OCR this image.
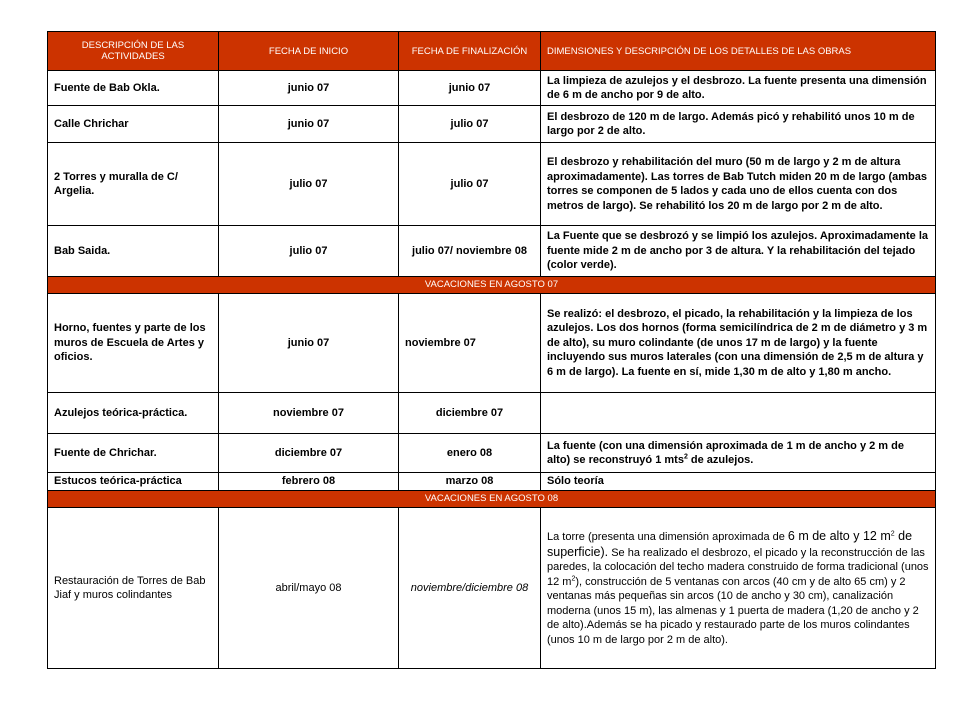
DESCRIPCIÓN DE LAS ACTIVIDADES	FECHA DE INICIO	FECHA DE FINALIZACIÓN	DIMENSIONES Y DESCRIPCIÓN DE LOS DETALLES DE LAS OBRAS
Fuente de Bab Okla.	junio 07	junio 07	La limpieza de azulejos y el desbrozo. La fuente presenta una dimensión de 6 m de ancho por 9 de alto.
Calle Chrichar	junio 07	julio 07	El desbrozo de 120 m de largo. Además picó y rehabilitó unos 10 m de largo por 2 de alto.
2 Torres y muralla de C/ Argelia.	julio 07	julio 07	El desbrozo y rehabilitación del muro (50 m de largo y 2 m de altura aproximadamente). Las torres de Bab Tutch miden 20 m de largo (ambas torres se componen de 5 lados y cada uno de ellos cuenta con dos metros de largo). Se rehabilitó los 20 m de largo por 2 m de alto.
Bab Saida.	julio 07	julio 07/ noviembre 08	La Fuente que se desbrozó y se limpió los azulejos. Aproximadamente la fuente mide 2 m de ancho por 3 de altura. Y la rehabilitación del tejado (color verde).
VACACIONES EN AGOSTO 07			
Horno, fuentes y parte de los muros de Escuela de Artes y oficios.	junio 07	noviembre 07	Se realizó: el desbrozo, el picado, la rehabilitación y la limpieza de los azulejos. Los dos hornos (forma semicilíndrica de 2 m de diámetro y 3 m de alto), su muro colindante (de unos 17 m de largo) y la fuente incluyendo sus muros laterales (con una dimensión de 2,5 m de altura y 6 m de largo). La fuente en sí, mide 1,30 m de alto y 1,80 m ancho.
Azulejos teórica-práctica.	noviembre 07	diciembre 07	
Fuente de Chrichar.	diciembre 07	enero 08	La fuente (con una dimensión aproximada de 1 m de ancho y 2 m de alto) se reconstruyó 1 mts$^2$ de azulejos.
Estucos teórica-práctica	febrero 08	marzo 08	Sólo teoría
VACACIONES EN AGOSTO 08			
Restauración de Torres de Bab Jiaf y muros colindantes	abril/mayo 08	noviembre/diciembre 08	La torre (presenta una dimensión aproximada de 6 m de alto y 12 $m^2$ de superficie). Se ha realizado el desbrozo, el picado y la reconstrucción de las paredes, la colocación del techo madera construido de forma tradicional (unos 12 $m^2$), construcción de 5 ventanas con arcos (40 cm y de alto 65 cm) y 2 ventanas más pequeñas sin arcos (10 de ancho y 30 cm), canalización moderna (unos 15 m), las almenas y 1 puerta de madera (1,20 de ancho y 2 de alto).Además se ha picado y restaurado parte de los muros colindantes (unos 10 m de largo por 2 m de alto).
